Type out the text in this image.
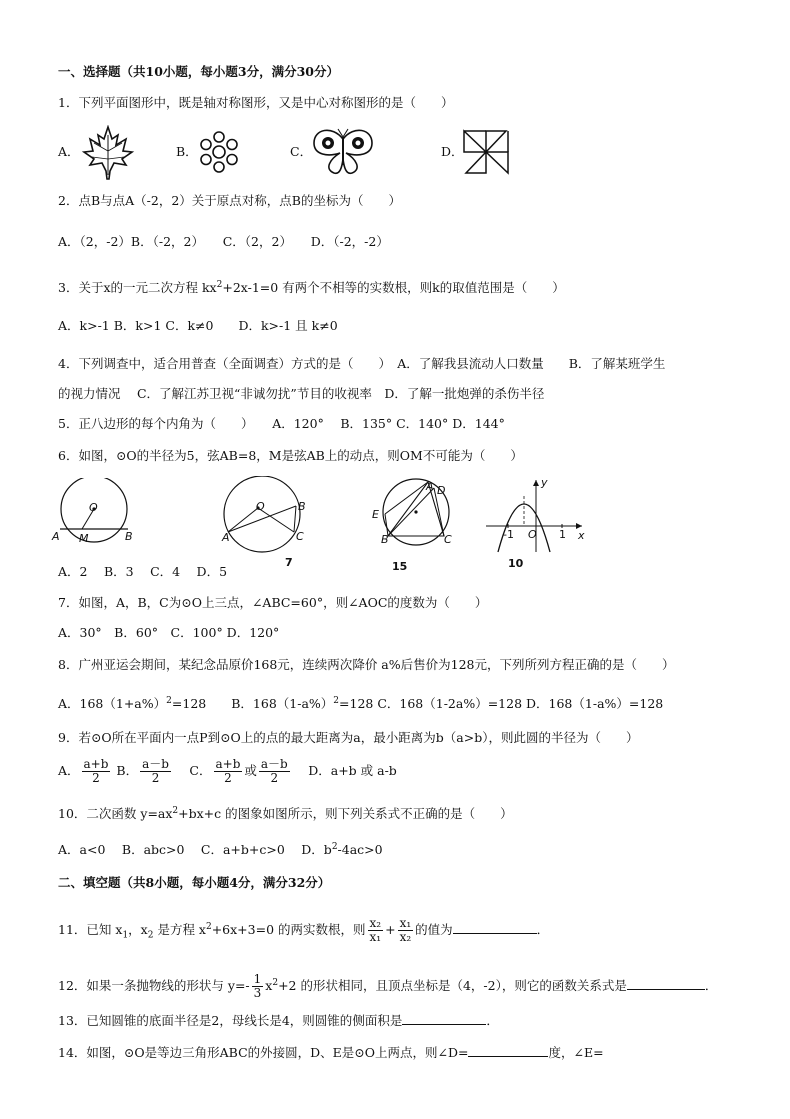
一、选择题（共10小题，每小题3分，满分30分）
1．下列平面图形中，既是轴对称图形，又是中心对称图形的是（　　）
A．	B．	C．	D．
2．点B与点A（-2，2）关于原点对称，点B的坐标为（　　）
A．（2，-2）B．（-2，2）　　C．（2，2）　　D．（-2，-2）
3．关于x的一元二次方程 $kx^2+2x-1=0$ 有两个不相等的实数根，则k的取值范围是（　　）
A．k>-1 B．k>1 C．k≠0　　D．k>-1 且 k≠0
4．下列调查中，适合用普查（全面调查）方式的是（　　）　A．了解我县流动人口数量　　B．了解某班学生
的视力情况　 C．了解江苏卫视“非诚勿扰”节目的收视率　D．了解一批炮弹的杀伤半径
5．正八边形的每个内角为（　　）　　A．120°　 B．135° C．140° D．144°
6．如图，⊙O的半径为5，弦AB=8，M是弦AB上的动点，则OM不可能为（　　）
O
A M	B
O
A
B
C
7
A D
E
B	C
15
y
x
O
-1	1
10
A．2　 B．3　 C．4　 D．5
7．如图，A，B，C为⊙O上三点，∠ABC=60°，则∠AOC的度数为（　　）
A．30°　B．60°　C．100° D．120°
8．广州亚运会期间，某纪念品原价168元，连续两次降价 a%后售价为128元，下列所列方程正确的是（　　）
A．$168(1+a\%)^2=128$　　B．$168(1-a\%)^2=128$ C．168（1-2a%）=128 D．168（1-a%）=128
9．若⊙O所在平面内一点P到⊙O上的点的最大距离为a，最小距离为b（a>b），则此圆的半径为（　　）
A． $\frac{a+b}{2}$ B． $\frac{a-b}{2}$
　 C． $\frac{a+b}{2}$ 或 $\frac{a-b}{2}$
　 D．a+b 或 a-b
10．二次函数 $y=ax^2+bx+c$ 的图象如图所示，则下列关系式不正确的是（　　）
A．a<0　 B．abc>0　 C．a+b+c>0　 D．$b^2-4ac>0$
二、填空题（共8小题，每小题4分，满分32分）
11．已知 $x_1$，$x_2$ 是方程 $x^2+6x+3=0$ 的两实数根，则 $\frac{\text{x₂}}{\text{x₁}} + \frac{\text{x₁}}{\text{x₂}}$ 的值为	．
12．如果一条抛物线的形状与 $y=- \frac{1}{3} x^2+2$ 的形状相同，且顶点坐标是（4，-2），则它的函数关系式是	．
13．已知圆锥的底面半径是2，母线长是4，则圆锥的侧面积是	．
14．如图，⊙O是等边三角形ABC的外接圆，D、E是⊙O上两点，则∠D=	度，∠E=
